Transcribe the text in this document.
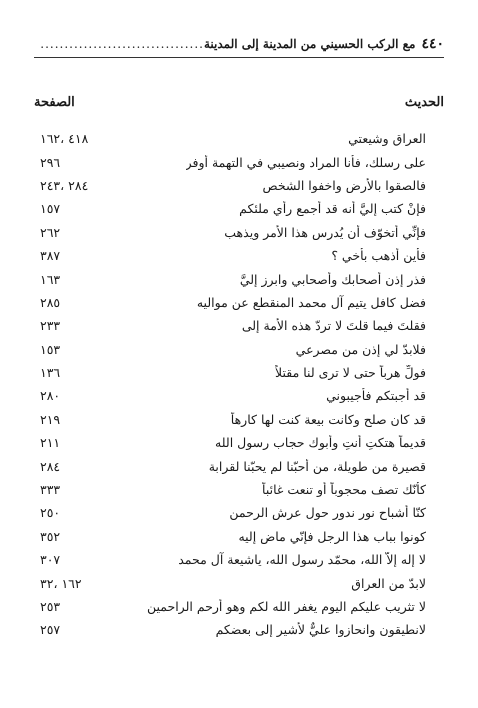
٤٤٠
مع الركب الحسيني من المدينة إلى المدينة
.....
الحديث
الصفحة
العراق وشيعتي
٤١٨ ،١٦٢
على رسلك، فأنا المراد ونصيبي في التهمة أوفر
٢٩٦
فالصقوا بالأرض واخفوا الشخص
٢٨٤ ،٢٤٣
فإنْ كتب إليَّ أنه قد أجمع رأي ملئكم
١٥٧
فإنِّي أتخوّف أن يُدرس هذا الأمر ويذهب
٢٦٢
فأين أذهب بأخي ؟
٣٨٧
فذر إذن أصحابك وأصحابي وابرز إليَّ
١٦٣
فضل كافل يتيم آل محمد المنقطع عن مواليه
٢٨٥
فقلتَ فيما قلتَ لا تردّ هذه الأمة إلى
٢٣٣
فلابدّ لي إذن من مصرعي
١٥٣
فولِّ هرباً حتى لا ترى لنا مقتلاً
١٣٦
قد أجبتكم فأجيبوني
٢٨٠
قد كان صلح وكانت بيعة كنت لها كارهاً
٢١٩
قديماً هتكتِ أنتِ وأبوك حجاب رسول الله
٢١١
قصيرة من طويلة، من أحبّنا لم يحبّنا لقرابة
٢٨٤
كأنّك تصف محجوباً أو تنعت غائباً
٣٣٣
كنّا أشباح نور ندور حول عرش الرحمن
٢٥٠
كونوا بباب هذا الرجل فإنّي ماضٍ إليه
٣٥٢
لا إله إلاّ الله، محمّد رسول الله، ياشيعة آل محمد
٣٠٧
لابدّ من العراق
١٦٢ ،٣٢
لا تثريب عليكم اليوم يغفر الله لكم وهو أرحم الراحمين
٢٥٣
لانطيقون وانحازوا عليٌّ لأُشير إلى بعضكم
٢٥٧
